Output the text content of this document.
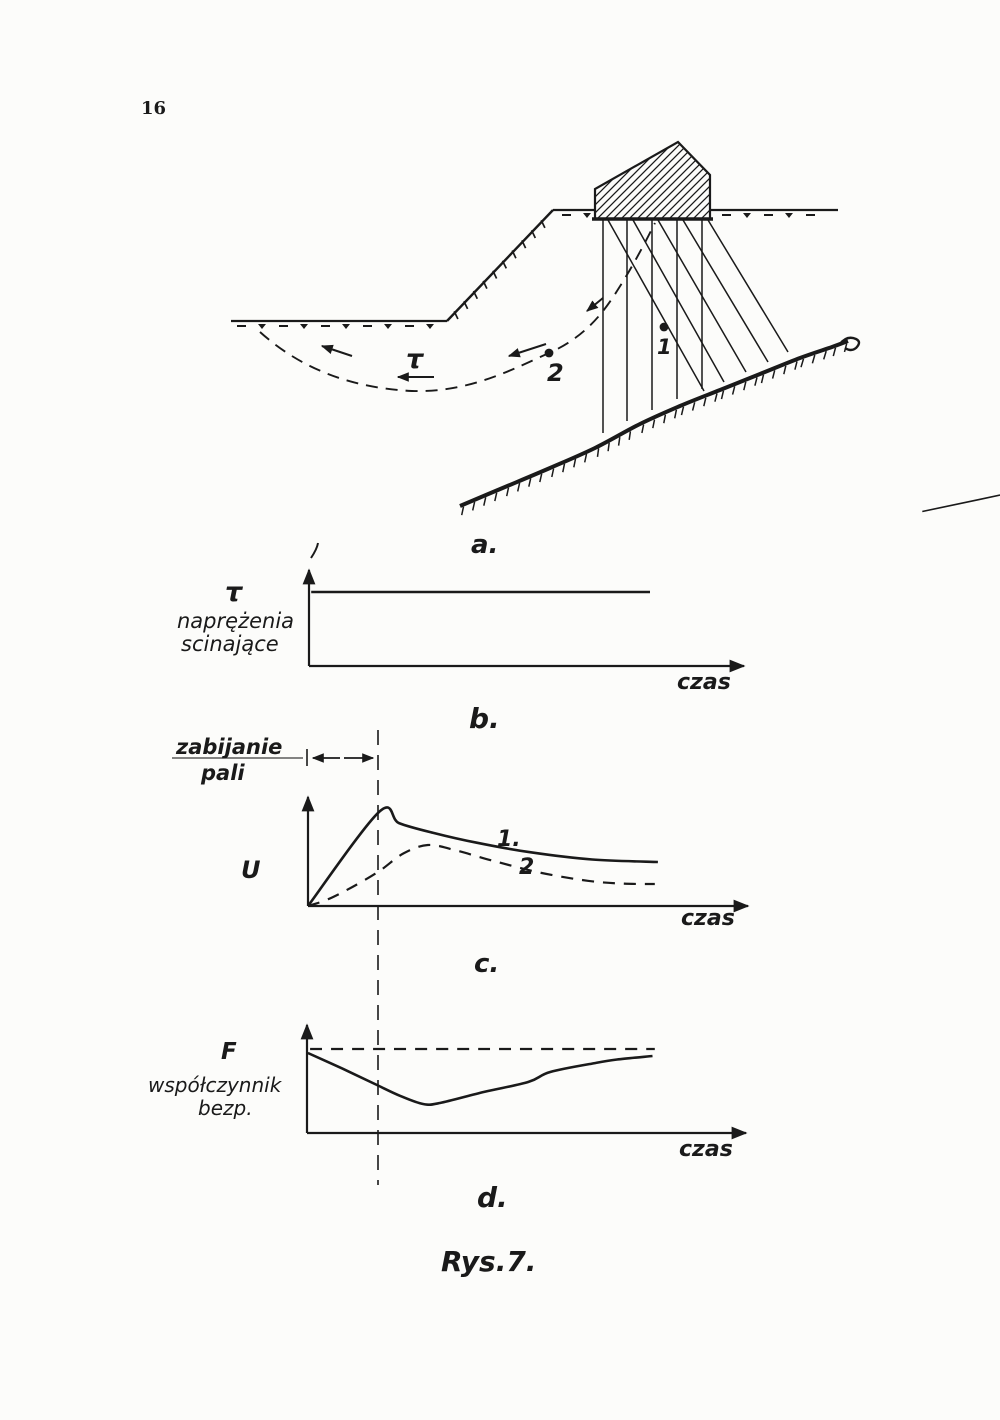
16
τ	1
2
a.
τ
naprężenia
scinające
czas
b.
zabijanie
pali
U
1.
2
czas
c.
F
współczynnik
bezp.
czas
d.
Rys.7.
